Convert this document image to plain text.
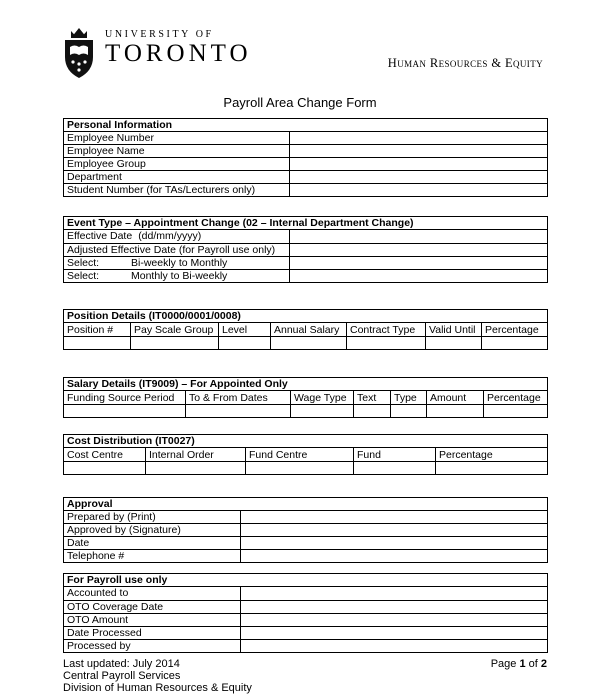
UNIVERSITY OF
TORONTO	Human Resources & Equity
Payroll Area Change Form
Personal Information	
Employee Number	
Employee Name	
Employee Group	
Department	
Student Number (for TAs/Lecturers only)	
Event Type – Appointment Change (02 – Internal Department Change)	
Effective Date (dd/mm/yyyy)	
Adjusted Effective Date (for Payroll use only)	
Select: Bi-weekly to Monthly	
Select: Monthly to Bi-weekly	
Position Details (IT0000/0001/0008)						
Position #	Pay Scale Group	Level	Annual Salary	Contract Type	Valid Until	Percentage

Salary Details (IT9009) – For Appointed Only						
Funding Source Period	To & From Dates	Wage Type	Text	Type	Amount	Percentage

Cost Distribution (IT0027)				
Cost Centre	Internal Order	Fund Centre	Fund	Percentage

Approval	
Prepared by (Print)	
Approved by (Signature)	
Date	
Telephone #	
For Payroll use only	
Accounted to	
OTO Coverage Date	
OTO Amount	
Date Processed	
Processed by	
Last updated: July 2014	Page 1 of 2
Central Payroll Services
Division of Human Resources & Equity
